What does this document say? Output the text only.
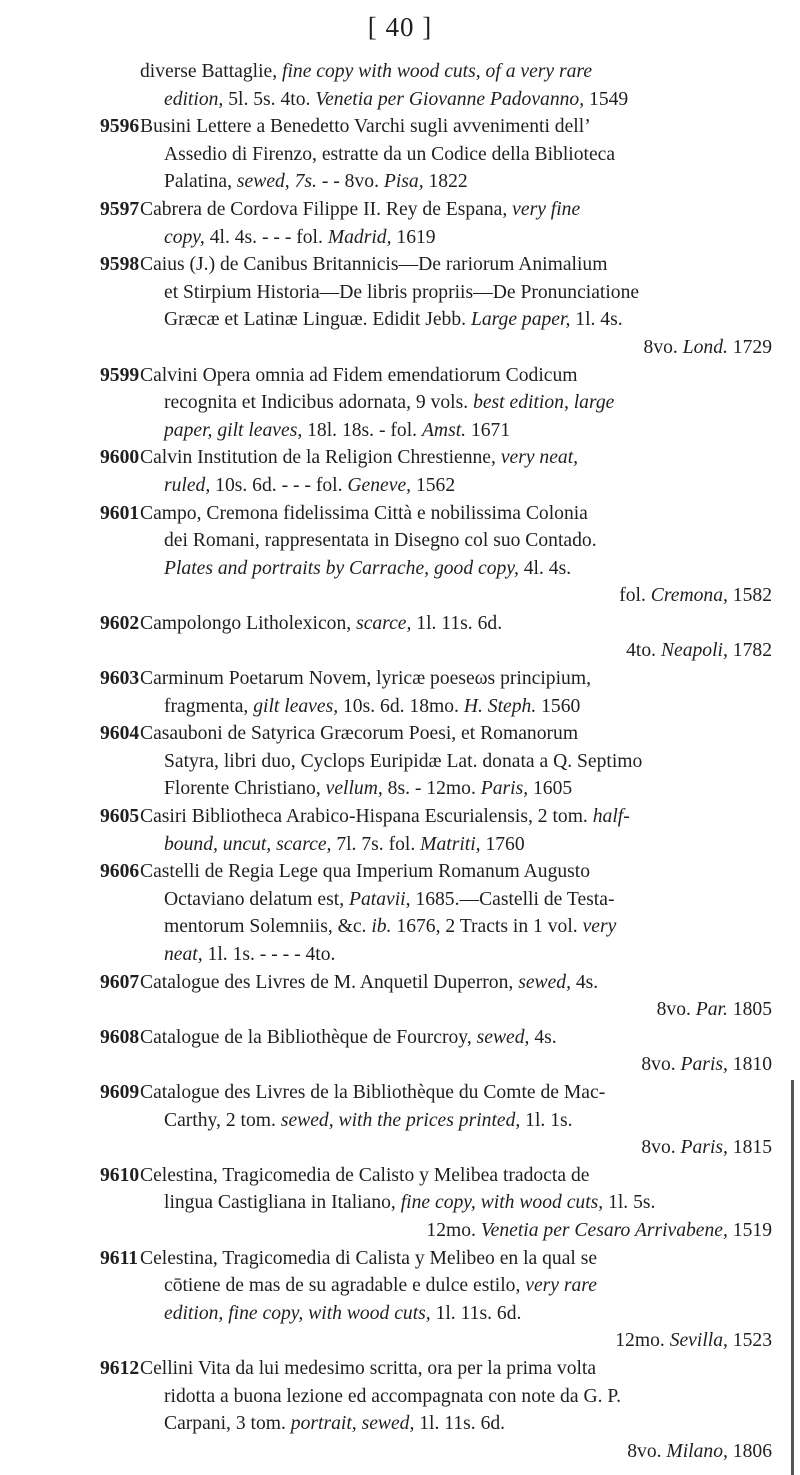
[ 40 ]
diverse Battaglie, fine copy with wood cuts, of a very rare
edition, 5l. 5s. 4to. Venetia per Giovanne Padovanno, 1549
9596 Busini Lettere a Benedetto Varchi sugli avvenimenti dell’
Assedio di Firenzo, estratte da un Codice della Biblioteca
Palatina, sewed, 7s. - - 8vo. Pisa, 1822
9597 Cabrera de Cordova Filippe II. Rey de Espana, very fine
copy, 4l. 4s. - - - fol. Madrid, 1619
9598 Caius (J.) de Canibus Britannicis—De rariorum Animalium
et Stirpium Historia—De libris propriis—De Pronunciatione
Græcæ et Latinæ Linguæ. Edidit Jebb. Large paper, 1l. 4s.
8vo. Lond. 1729
9599 Calvini Opera omnia ad Fidem emendatiorum Codicum
recognita et Indicibus adornata, 9 vols. best edition, large
paper, gilt leaves, 18l. 18s. - fol. Amst. 1671
9600 Calvin Institution de la Religion Chrestienne, very neat,
ruled, 10s. 6d. - - - fol. Geneve, 1562
9601 Campo, Cremona fidelissima Città e nobilissima Colonia
dei Romani, rappresentata in Disegno col suo Contado.
Plates and portraits by Carrache, good copy, 4l. 4s.
fol. Cremona, 1582
9602 Campolongo Litholexicon, scarce, 1l. 11s. 6d.
4to. Neapoli, 1782
9603 Carminum Poetarum Novem, lyricæ poeseωs principium,
fragmenta, gilt leaves, 10s. 6d. 18mo. H. Steph. 1560
9604 Casauboni de Satyrica Græcorum Poesi, et Romanorum
Satyra, libri duo, Cyclops Euripidæ Lat. donata a Q. Septimo
Florente Christiano, vellum, 8s. - 12mo. Paris, 1605
9605 Casiri Bibliotheca Arabico-Hispana Escurialensis, 2 tom. half-
bound, uncut, scarce, 7l. 7s. fol. Matriti, 1760
9606 Castelli de Regia Lege qua Imperium Romanum Augusto
Octaviano delatum est, Patavii, 1685.—Castelli de Testa-
mentorum Solemniis, &c. ib. 1676, 2 Tracts in 1 vol. very
neat, 1l. 1s. - - - - 4to.
9607 Catalogue des Livres de M. Anquetil Duperron, sewed, 4s.
8vo. Par. 1805
9608 Catalogue de la Bibliothèque de Fourcroy, sewed, 4s.
8vo. Paris, 1810
9609 Catalogue des Livres de la Bibliothèque du Comte de Mac-
Carthy, 2 tom. sewed, with the prices printed, 1l. 1s.
8vo. Paris, 1815
9610 Celestina, Tragicomedia de Calisto y Melibea tradocta de
lingua Castigliana in Italiano, fine copy, with wood cuts, 1l. 5s.
12mo. Venetia per Cesaro Arrivabene, 1519
9611 Celestina, Tragicomedia di Calista y Melibeo en la qual se
cōtiene de mas de su agradable e dulce estilo, very rare
edition, fine copy, with wood cuts, 1l. 11s. 6d.
12mo. Sevilla, 1523
9612 Cellini Vita da lui medesimo scritta, ora per la prima volta
ridotta a buona lezione ed accompagnata con note da G. P.
Carpani, 3 tom. portrait, sewed, 1l. 11s. 6d.
8vo. Milano, 1806
